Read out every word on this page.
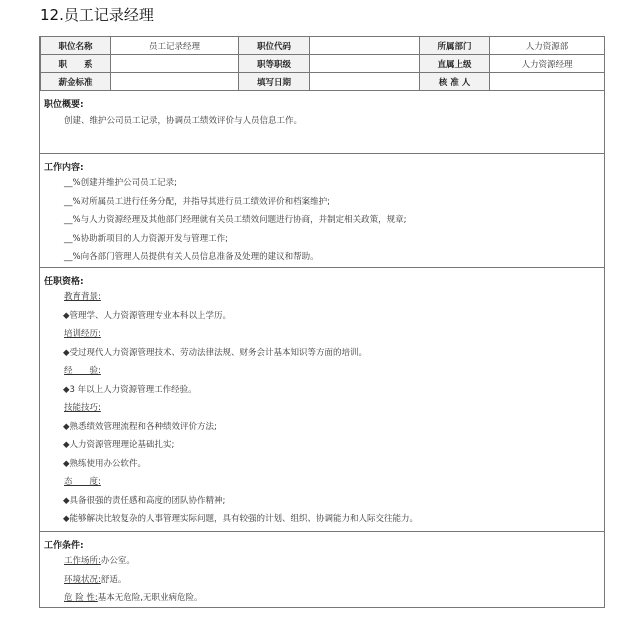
12.员工记录经理
职位名称	员工记录经理	职位代码		所属部门	人力资源部
职　　系		职等职级		直属上级	人力资源经理
薪金标准		填写日期		核 准 人	
职位概要:
创建、维护公司员工记录，协调员工绩效评价与人员信息工作。
工作内容:
__%创建并维护公司员工记录;
__%对所属员工进行任务分配，并指导其进行员工绩效评价和档案维护;
__%与人力资源经理及其他部门经理就有关员工绩效问题进行协商，并制定相关政策，规章;
__%协助新项目的人力资源开发与管理工作;
__%向各部门管理人员提供有关人员信息准备及处理的建议和帮助。
任职资格:
教育背景:
◆管理学、人力资源管理专业本科以上学历。
培训经历:
◆受过现代人力资源管理技术、劳动法律法规、财务会计基本知识等方面的培训。
经　　验:
◆3 年以上人力资源管理工作经验。
技能技巧:
◆熟悉绩效管理流程和各种绩效评价方法;
◆人力资源管理理论基础扎实;
◆熟练使用办公软件。
态　　度:
◆具备很强的责任感和高度的团队协作精神;
◆能够解决比较复杂的人事管理实际问题，具有较强的计划、组织、协调能力和人际交往能力。
工作条件:
工作场所:办公室。
环境状况:舒适。
危 险 性:基本无危险,无职业病危险。
